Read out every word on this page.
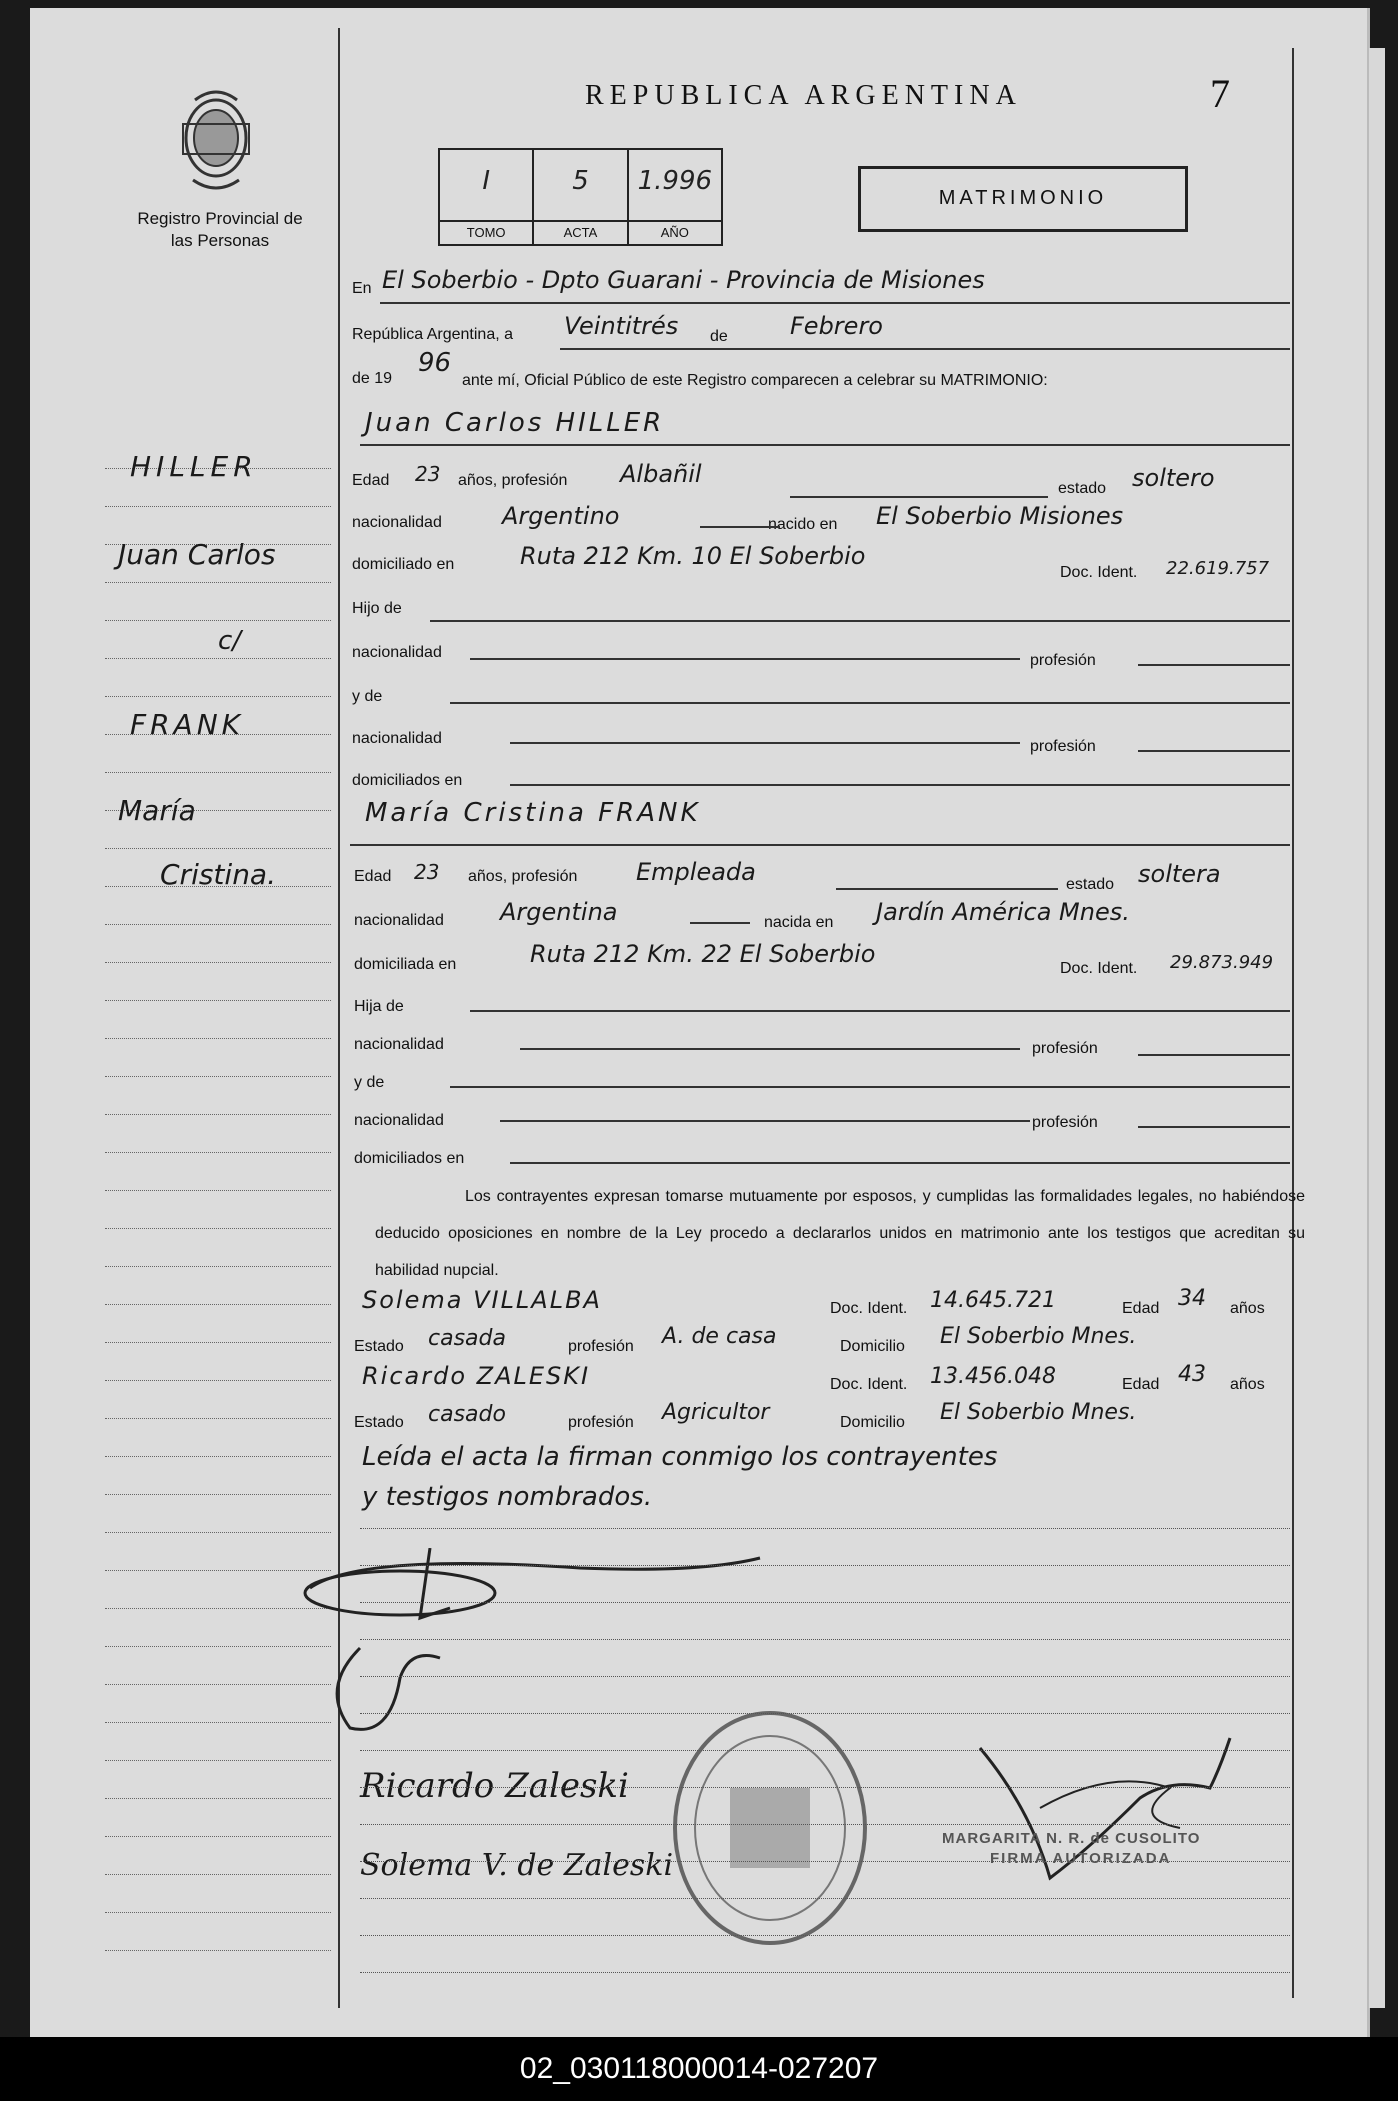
Registro Provincial de las Personas
REPUBLICA ARGENTINA	7
I
TOMO
5
ACTA
1.996
AÑO
MATRIMONIO
En El Soberbio - Dpto Guarani - Provincia de Misiones
República Argentina, a Veintitrés de	Febrero
de 19
96
ante mí, Oficial Público de este Registro comparecen a celebrar su MATRIMONIO:
Juan Carlos HILLER
Edad 23 años, profesión Albañil
estado soltero
nacionalidad	Argentino	nacido en El Soberbio Misiones
domiciliado en	Ruta 212 Km. 10 El Soberbio
Doc. Ident. 22.619.757
Hijo de
nacionalidad	profesión
y de
nacionalidad	profesión
domiciliados en
María Cristina FRANK
Edad 23 años, profesión Empleada	estado soltera
nacionalidad Argentina	nacida en Jardín América Mnes.
domiciliada en	Ruta 212 Km. 22 El Soberbio
Doc. Ident. 29.873.949
Hija de
nacionalidad	profesión
y de
nacionalidad	profesión
domiciliados en
Los contrayentes expresan tomarse mutuamente por esposos, y cumplidas las formalidades legales, no habiéndose deducido oposiciones en nombre de la Ley procedo a declararlos unidos en matrimonio ante los testigos que acreditan su habilidad nupcial.
Solema VILLALBA	Doc. Ident. 14.645.721	Edad 34 años
Estado casada	profesión A. de casa	Domicilio El Soberbio Mnes.
Ricardo ZALESKI	Doc. Ident. 13.456.048	Edad 43 años
Estado casado	profesión Agricultor	Domicilio El Soberbio Mnes.
Leída el acta la firman conmigo los contrayentes
y testigos nombrados.
Ricardo Zaleski
Solema V. de Zaleski
MARGARITA N. R. de CUSOLITO
FIRMA AUTORIZADA
HILLER
Juan Carlos
c/
FRANK
María
Cristina.
02_030118000014-027207
